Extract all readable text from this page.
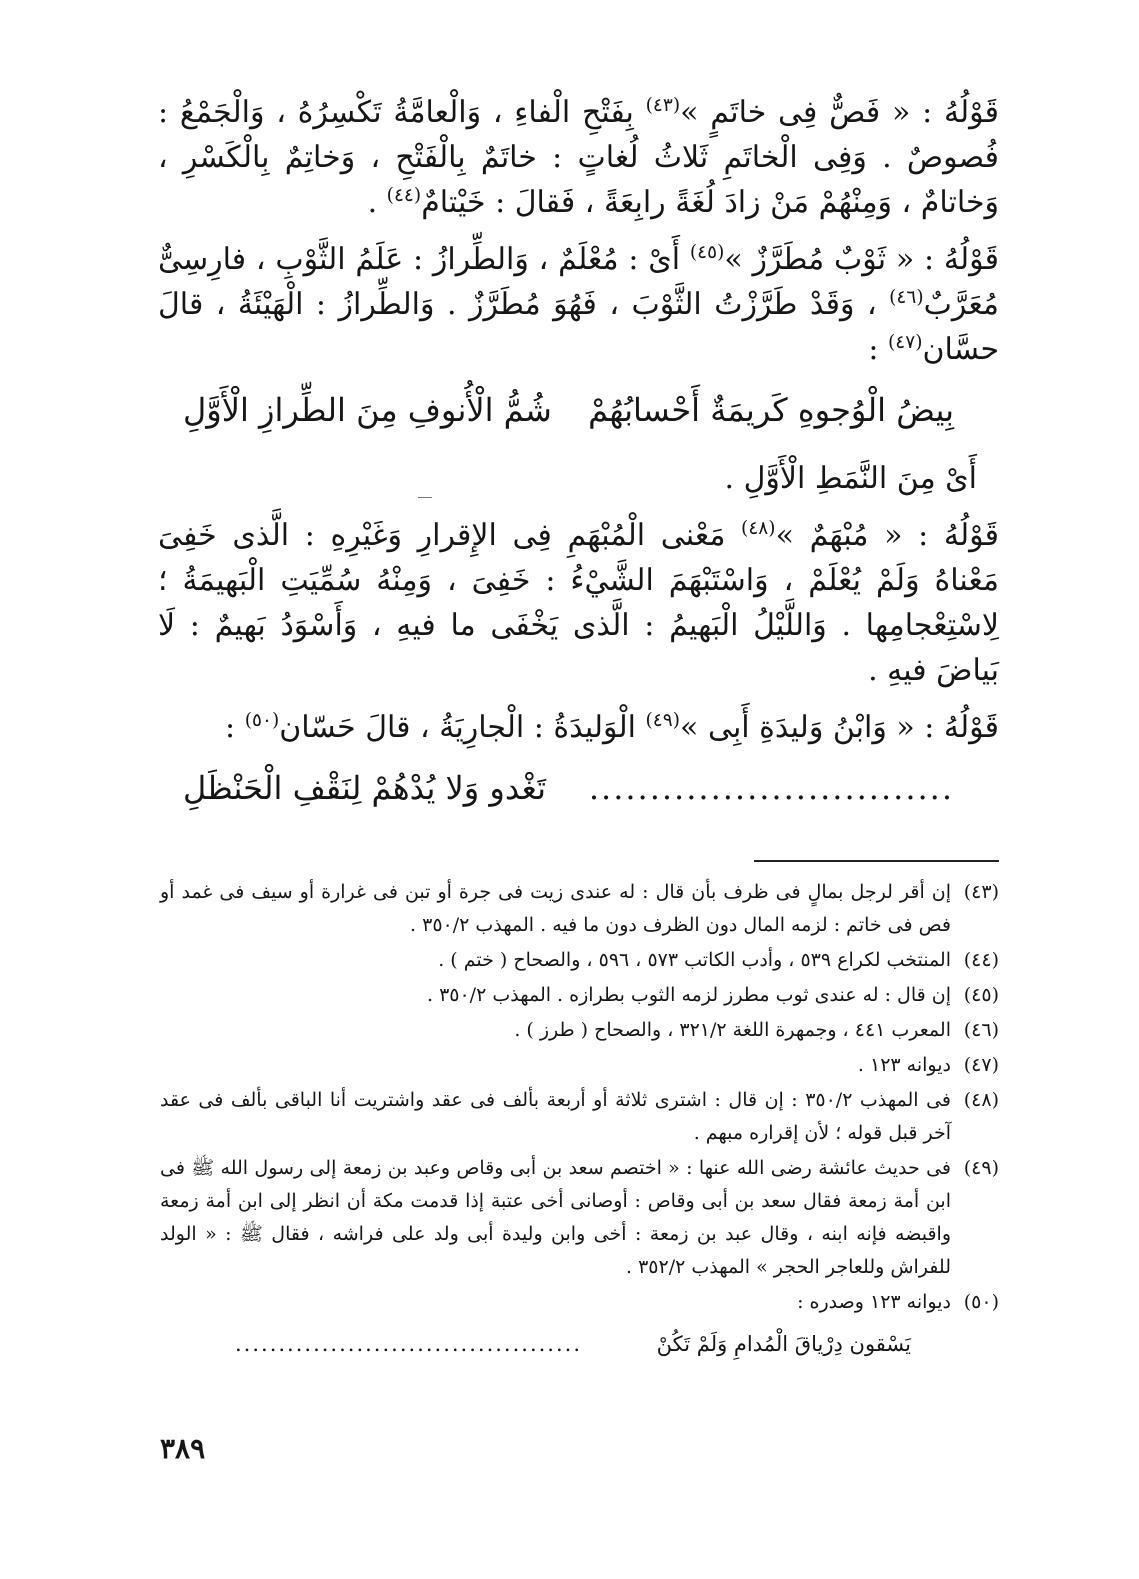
قَوْلُهُ : « فَصٌّ فِى خاتَمٍ »$^{(٤٣)}$ بِفَتْحِ الْفاءِ ، وَالْعامَّةُ تَكْسِرُهُ ، وَالْجَمْعُ : فُصوصٌ . وَفِى الْخاتَمِ ثَلاثُ لُغاتٍ : خاتَمٌ بِالْفَتْحِ ، وَخاتِمٌ بِالْكَسْرِ ، وَخاتامٌ ، وَمِنْهُمْ مَنْ زادَ لُغَةً رابِعَةً ، فَقالَ : خَيْتامٌ$^{(٤٤)}$ .

قَوْلُهُ : « ثَوْبٌ مُطَرَّزٌ »$^{(٤٥)}$ أَىْ : مُعْلَمٌ ، وَالطِّرازُ : عَلَمُ الثَّوْبِ ، فارِسِىٌّ مُعَرَّبٌ$^{(٤٦)}$ ، وَقَدْ طَرَّزْتُ الثَّوْبَ ، فَهُوَ مُطَرَّزٌ . وَالطِّرازُ : الْهَيْئَةُ ، قالَ حسَّان$^{(٤٧)}$ :

بِيضُ الْوُجوهِ كَريمَةٌ أَحْسابُهُمْ
شُمُّ الْأُنوفِ مِنَ الطِّرازِ الْأَوَّلِ

أَىْ مِنَ النَّمَطِ الْأَوَّلِ .

قَوْلُهُ : « مُبْهَمٌ »$^{(٤٨)}$ مَعْنى الْمُبْهَمِ فِى الإِقرارِ وَغَيْرِهِ : الَّذى خَفِىَ مَعْناهُ وَلَمْ يُعْلَمْ ، وَاسْتَبْهَمَ الشَّيْءُ : خَفِىَ ، وَمِنْهُ سُمِّيَتِ الْبَهيمَةُ ؛ لِاسْتِعْجامِها . وَاللَّيْلُ الْبَهيمُ : الَّذى يَخْفَى ما فيهِ ، وَأَسْوَدُ بَهيمٌ : لَا بَياضَ فيهِ .

قَوْلُهُ : « وَابْنُ وَليدَةِ أَبِى »$^{(٤٩)}$ الْوَليدَةُ : الْجارِيَةُ ، قالَ حَسّان$^{(٥٠)}$ :

..............................
تَغْدو وَلا يُدْهُمْ لِنَقْفِ الْحَنْظَلِ
(٤٣)
إن أقر لرجل بمالٍ فى ظرف بأن قال : له عندى زيت فى جرة أو تبن فى غرارة أو سيف فى غمد أو فص فى خاتم : لزمه المال دون الظرف دون ما فيه . المهذب ٣٥٠/٢ .
(٤٤)
المنتخب لكراع ٥٣٩ ، وأدب الكاتب ٥٧٣ ، ٥٩٦ ، والصحاح ( ختم ) .
(٤٥)
إن قال : له عندى ثوب مطرز لزمه الثوب بطرازه . المهذب ٣٥٠/٢ .
(٤٦)
المعرب ٤٤١ ، وجمهرة اللغة ٣٢١/٢ ، والصحاح ( طرز ) .
(٤٧)
ديوانه ١٢٣ .
(٤٨)
فى المهذب ٣٥٠/٢ : إن قال : اشترى ثلاثة أو أربعة بألف فى عقد واشتريت أنا الباقى بألف فى عقد آخر قبل قوله ؛ لأن إقراره مبهم .
(٤٩)
فى حديث عائشة رضى الله عنها : « اختصم سعد بن أبى وقاص وعبد بن زمعة إلى رسول الله ﷺ فى ابن أمة زمعة فقال سعد بن أبى وقاص : أوصانى أخى عتبة إذا قدمت مكة أن انظر إلى ابن أمة زمعة واقبضه فإنه ابنه ، وقال عبد بن زمعة : أخى وابن وليدة أبى ولد على فراشه ، فقال ﷺ : « الولد للفراش وللعاجر الحجر » المهذب ٣٥٢/٢ .
(٥٠)
ديوانه ١٢٣ وصدره :
يَسْقون دِرْياقَ الْمُدامِ وَلَمْ تَكُنْ
........................................
٣٨٩
